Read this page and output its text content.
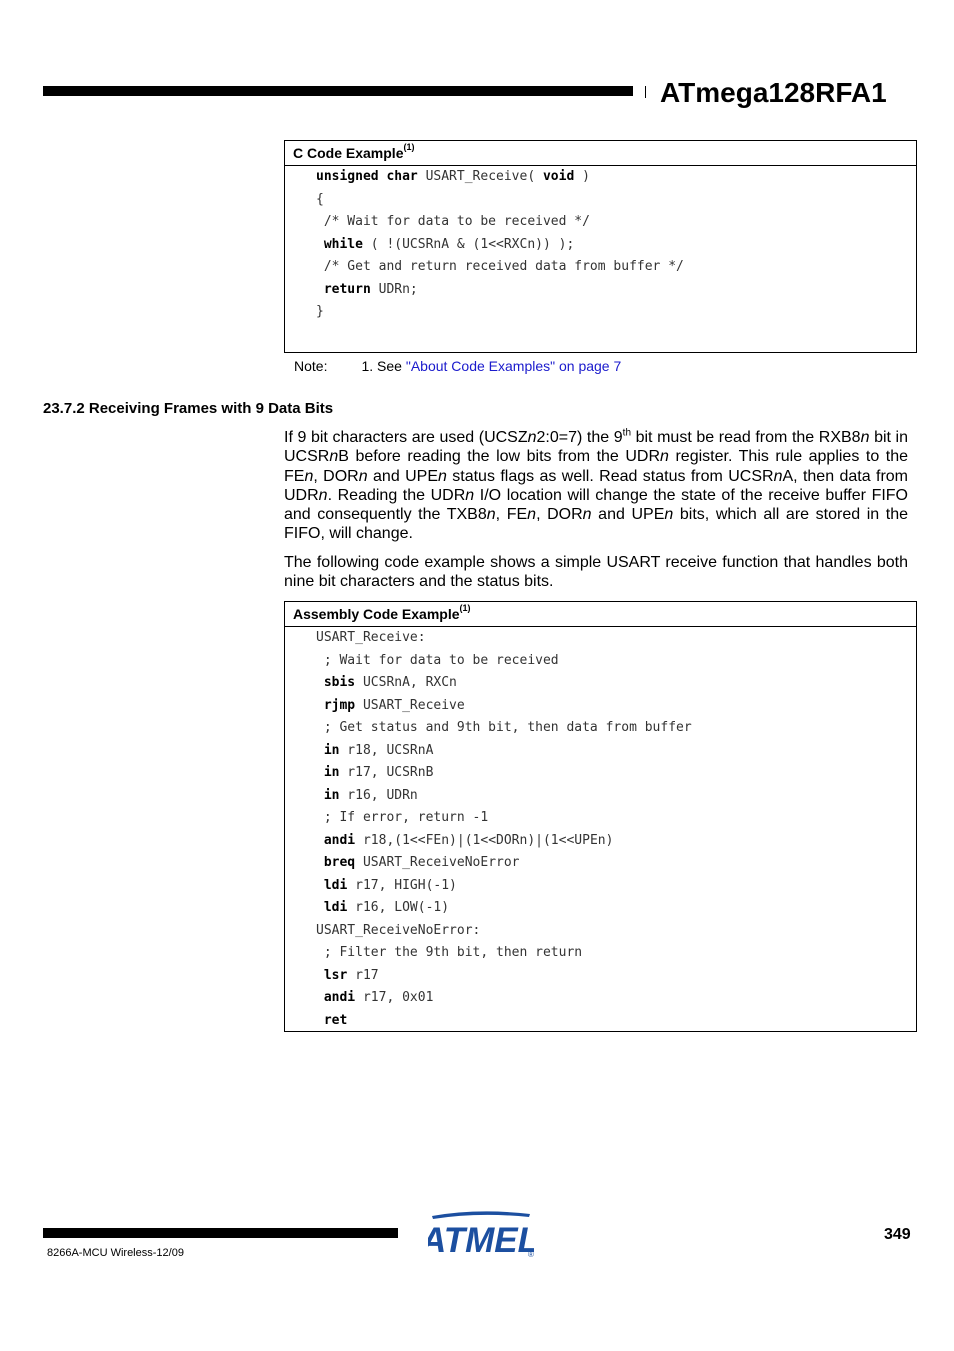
ATmega128RFA1
C Code Example$^{(1)}$
unsigned char USART_Receive( void )
{
/* Wait for data to be received */
while ( !(UCSRnA & (1<<RXCn)) );
/* Get and return received data from buffer */
return UDRn;
}
Note: 1. See "About Code Examples" on page 7
23.7.2 Receiving Frames with 9 Data Bits
If 9 bit characters are used (UCSZn2:0=7) the 9th bit must be read from the RXB8n bit in UCSRnB before reading the low bits from the UDRn register. This rule applies to the FEn, DORn and UPEn status flags as well. Read status from UCSRnA, then data from UDRn. Reading the UDRn I/O location will change the state of the receive buffer FIFO and consequently the TXB8n, FEn, DORn and UPEn bits, which all are stored in the FIFO, will change.
The following code example shows a simple USART receive function that handles both nine bit characters and the status bits.
Assembly Code Example$^{(1)}$
USART_Receive:
; Wait for data to be received
sbis UCSRnA, RXCn
rjmp USART_Receive
; Get status and 9th bit, then data from buffer
in r18, UCSRnA
in r17, UCSRnB
in r16, UDRn
; If error, return -1
andi r18,(1<<FEn)|(1<<DORn)|(1<<UPEn)
breq USART_ReceiveNoError
ldi r17, HIGH(-1)
ldi r16, LOW(-1)
USART_ReceiveNoError:
; Filter the 9th bit, then return
lsr r17
andi r17, 0x01
ret
TMEL
®
349
8266A-MCU Wireless-12/09
